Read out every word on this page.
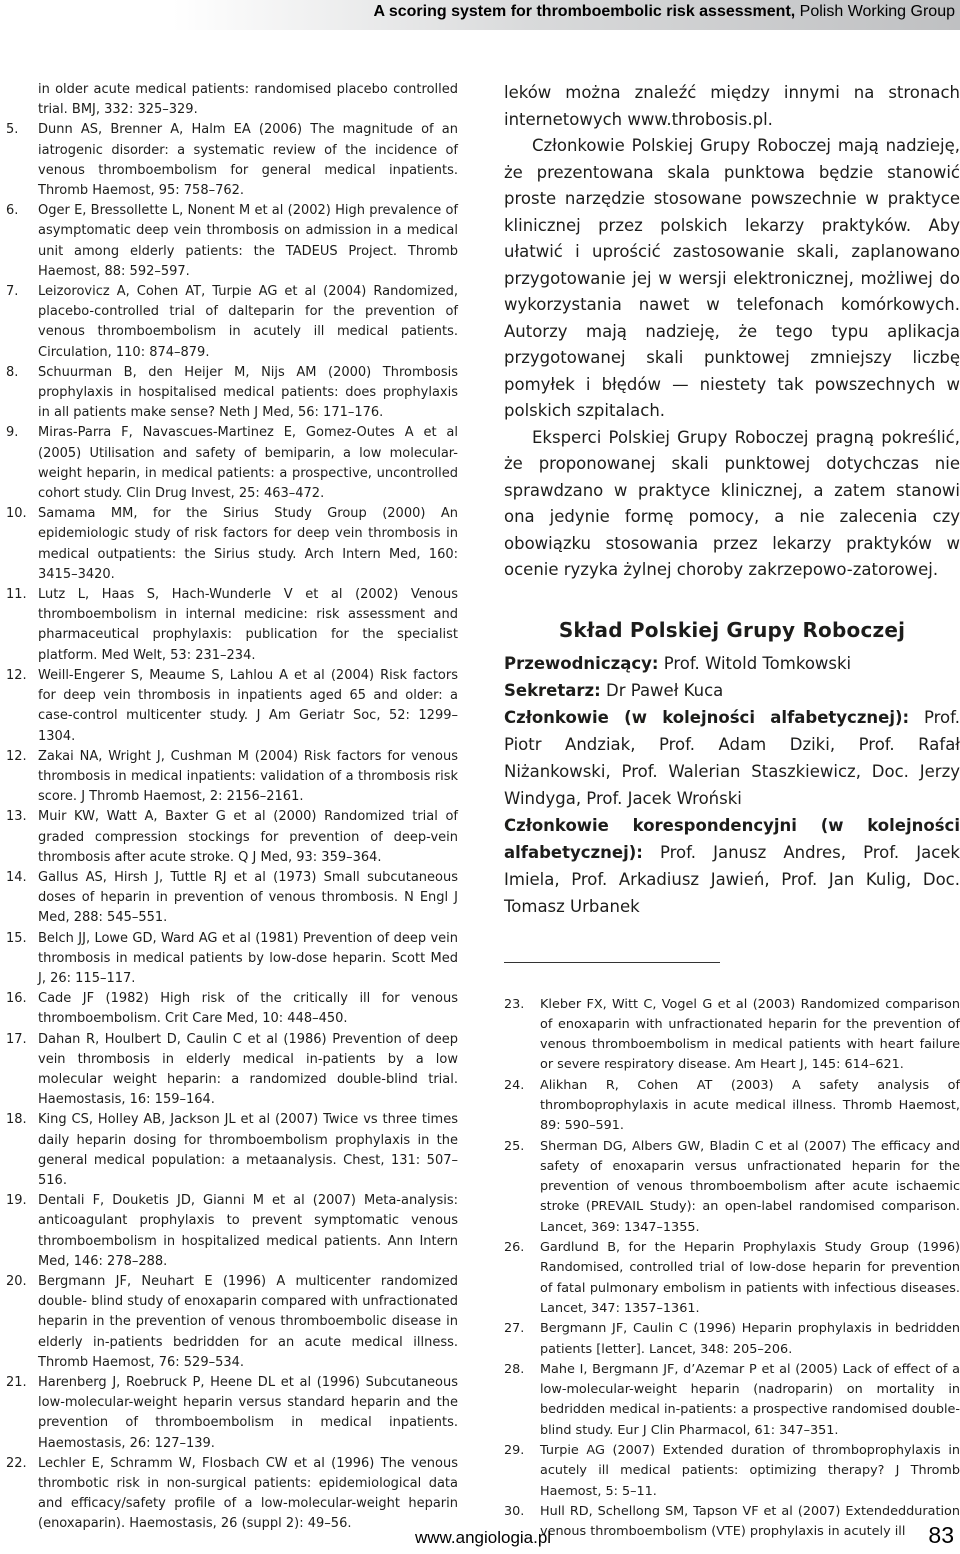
A scoring system for thromboembolic risk assessment, Polish Working Group

in older acute medical patients: randomised placebo controlled trial. BMJ, 332: 325–329.

5. Dunn AS, Brenner A, Halm EA (2006) The magnitude of an iatrogenic disorder: a systematic review of the incidence of venous thromboembolism for general medical inpatients. Thromb Haemost, 95: 758–762.

6. Oger E, Bressollette L, Nonent M et al (2002) High prevalence of asymptomatic deep vein thrombosis on admission in a medical unit among elderly patients: the TADEUS Project. Thromb Haemost, 88: 592–597.

7. Leizorovicz A, Cohen AT, Turpie AG et al (2004) Randomized, placebo-controlled trial of dalteparin for the prevention of venous thromboembolism in acutely ill medical patients. Circulation, 110: 874–879.

8. Schuurman B, den Heijer M, Nijs AM (2000) Thrombosis prophylaxis in hospitalised medical patients: does prophylaxis in all patients make sense? Neth J Med, 56: 171–176.

9. Miras-Parra F, Navascues-Martinez E, Gomez-Outes A et al (2005) Utilisation and safety of bemiparin, a low molecular-weight heparin, in medical patients: a prospective, uncontrolled cohort study. Clin Drug Invest, 25: 463–472.

10. Samama MM, for the Sirius Study Group (2000) An epidemiologic study of risk factors for deep vein thrombosis in medical outpatients: the Sirius study. Arch Intern Med, 160: 3415–3420.

11. Lutz L, Haas S, Hach-Wunderle V et al (2002) Venous thromboembolism in internal medicine: risk assessment and pharmaceutical prophylaxis: publication for the specialist platform. Med Welt, 53: 231–234.

12. Weill-Engerer S, Meaume S, Lahlou A et al (2004) Risk factors for deep vein thrombosis in inpatients aged 65 and older: a case-control multicenter study. J Am Geriatr Soc, 52: 1299–1304.

12. Zakai NA, Wright J, Cushman M (2004) Risk factors for venous thrombosis in medical inpatients: validation of a thrombosis risk score. J Thromb Haemost, 2: 2156–2161.

13. Muir KW, Watt A, Baxter G et al (2000) Randomized trial of graded compression stockings for prevention of deep-vein thrombosis after acute stroke. Q J Med, 93: 359–364.

14. Gallus AS, Hirsh J, Tuttle RJ et al (1973) Small subcutaneous doses of heparin in prevention of venous thrombosis. N Engl J Med, 288: 545–551.

15. Belch JJ, Lowe GD, Ward AG et al (1981) Prevention of deep vein thrombosis in medical patients by low-dose heparin. Scott Med J, 26: 115–117.

16. Cade JF (1982) High risk of the critically ill for venous thromboembolism. Crit Care Med, 10: 448–450.

17. Dahan R, Houlbert D, Caulin C et al (1986) Prevention of deep vein thrombosis in elderly medical in-patients by a low molecular weight heparin: a randomized double-blind trial. Haemostasis, 16: 159–164.

18. King CS, Holley AB, Jackson JL et al (2007) Twice vs three times daily heparin dosing for thromboembolism prophylaxis in the general medical population: a metaanalysis. Chest, 131: 507–516.

19. Dentali F, Douketis JD, Gianni M et al (2007) Meta-analysis: anticoagulant prophylaxis to prevent symptomatic venous thromboembolism in hospitalized medical patients. Ann Intern Med, 146: 278–288.

20. Bergmann JF, Neuhart E (1996) A multicenter randomized double- blind study of enoxaparin compared with unfractionated heparin in the prevention of venous thromboembolic disease in elderly in-patients bedridden for an acute medical illness. Thromb Haemost, 76: 529–534.

21. Harenberg J, Roebruck P, Heene DL et al (1996) Subcutaneous low-molecular-weight heparin versus standard heparin and the prevention of thromboembolism in medical inpatients. Haemostasis, 26: 127–139.

22. Lechler E, Schramm W, Flosbach CW et al (1996) The venous thrombotic risk in non-surgical patients: epidemiological data and efficacy/safety profile of a low-molecular-weight heparin (enoxaparin). Haemostasis, 26 (suppl 2): 49–56.

leków można znaleźć między innymi na stronach internetowych www.throbosis.pl.

Członkowie Polskiej Grupy Roboczej mają nadzieję, że prezentowana skala punktowa będzie stanowić proste narzędzie stosowane powszechnie w praktyce klinicznej przez polskich lekarzy praktyków. Aby ułatwić i uprościć zastosowanie skali, zaplanowano przygotowanie jej w wersji elektronicznej, możliwej do wykorzystania nawet w telefonach komórkowych. Autorzy mają nadzieję, że tego typu aplikacja przygotowanej skali punktowej zmniejszy liczbę pomyłek i błędów — niestety tak powszechnych w polskich szpitalach.

Eksperci Polskiej Grupy Roboczej pragną pokreślić, że proponowanej skali punktowej dotychczas nie sprawdzano w praktyce klinicznej, a zatem stanowi ona jedynie formę pomocy, a nie zalecenia czy obowiązku stosowania przez lekarzy praktyków w ocenie ryzyka żylnej choroby zakrzepowo-zatorowej.

Skład Polskiej Grupy Roboczej

Przewodniczący: Prof. Witold Tomkowski

Sekretarz: Dr Paweł Kuca

Członkowie (w kolejności alfabetycznej): Prof. Piotr Andziak, Prof. Adam Dziki, Prof. Rafał Niżankowski, Prof. Walerian Staszkiewicz, Doc. Jerzy Windyga, Prof. Jacek Wroński

Członkowie korespondencyjni (w kolejności alfabetycznej): Prof. Janusz Andres, Prof. Jacek Imiela, Prof. Arkadiusz Jawień, Prof. Jan Kulig, Doc. Tomasz Urbanek

23. Kleber FX, Witt C, Vogel G et al (2003) Randomized comparison of enoxaparin with unfractionated heparin for the prevention of venous thromboembolism in medical patients with heart failure or severe respiratory disease. Am Heart J, 145: 614–621.

24. Alikhan R, Cohen AT (2003) A safety analysis of thromboprophylaxis in acute medical illness. Thromb Haemost, 89: 590–591.

25. Sherman DG, Albers GW, Bladin C et al (2007) The efficacy and safety of enoxaparin versus unfractionated heparin for the prevention of venous thromboembolism after acute ischaemic stroke (PREVAIL Study): an open-label randomised comparison. Lancet, 369: 1347–1355.

26. Gardlund B, for the Heparin Prophylaxis Study Group (1996) Randomised, controlled trial of low-dose heparin for prevention of fatal pulmonary embolism in patients with infectious diseases. Lancet, 347: 1357–1361.

27. Bergmann JF, Caulin C (1996) Heparin prophylaxis in bedridden patients [letter]. Lancet, 348: 205–206.

28. Mahe I, Bergmann JF, d’Azemar P et al (2005) Lack of effect of a low-molecular-weight heparin (nadroparin) on mortality in bedridden medical in-patients: a prospective randomised double-blind study. Eur J Clin Pharmacol, 61: 347–351.

29. Turpie AG (2007) Extended duration of thromboprophylaxis in acutely ill medical patients: optimizing therapy? J Thromb Haemost, 5: 5–11.

30. Hull RD, Schellong SM, Tapson VF et al (2007) Extendedduration venous thromboembolism (VTE) prophylaxis in acutely ill

www.angiologia.pl	83
